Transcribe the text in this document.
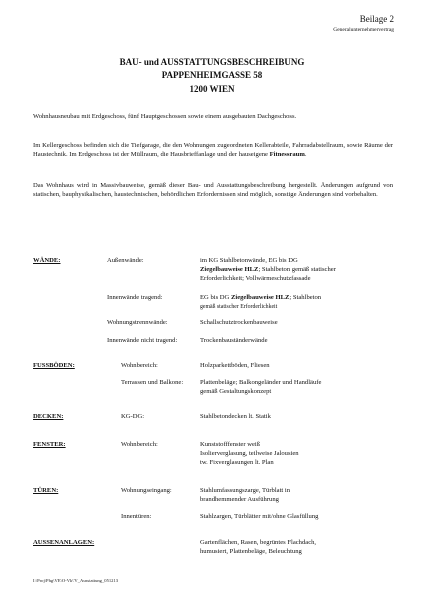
Beilage 2
Generalunternehmervertrag
BAU- und AUSSTATTUNGSBESCHREIBUNG
PAPPENHEIMGASSE 58
1200 WIEN
Wohnhausneubau mit Erdgeschoss, fünf Hauptgeschossen sowie einem ausgebauten Dachgeschoss.
Im Kellergeschoss befinden sich die Tiefgarage, die den Wohnungen zugeordneten Kellerabteile, Fahrradabstellraum, sowie Räume der Haustechnik. Im Erdgeschoss ist der Müllraum, die Hausbrieffanlage und der hauseigene Fitnessraum.
Das Wohnhaus wird in Massivbauweise, gemäß dieser Bau- und Ausstattungsbeschreibung hergestellt. Änderungen aufgrund von statischen, bauphysikalischen, haustechnischen, behördlichen Erfordernissen sind möglich, sonstige Änderungen sind vorbehalten.
WÄNDE:	Außenwände:	im KG Stahlbetonwände, EG bis DG
Ziegelbauweise HLZ; Stahlbeton gemäß statischer
Erforderlichkeit; Vollwärmeschutzfassade
Innenwände tragend:	EG bis DG Ziegelbauweise HLZ; Stahlbeton
gemäß statischer Erforderlichkeit
Wohnungstrennwände:	Schallschutztrockenbauweise
Innenwände nicht tragend:	Trockenbauständerwände
FUSSBÖDEN:	Wohnbereich:	Holzparkettböden, Fliesen
Terrassen und Balkone:	Plattenbeläge; Balkongeländer und Handläufe
gemäß Gestaltungskonzept
DECKEN:	KG-DG:	Stahlbetondecken lt. Statik
FENSTER:	Wohnbereich:	Kunststofffenster weiß
Isolierverglasung, teilweise Jalousien
tw. Fixverglasungen lt. Plan
TÜREN:	Wohnungseingang:	Stahlumfassungszarge, Türblatt in
brandhemmender Ausführung
Innentüren:	Stahlzargen, Türblätter mit/ohne Glasfüllung
AUSSENANLAGEN:	Gartenflächen, Rasen, begrüntes Flachdach,
humusiert, Plattenbeläge, Beleuchtung
I:\Proj\Phg\VE\O-Vk\'V_Ausstattung_051213
